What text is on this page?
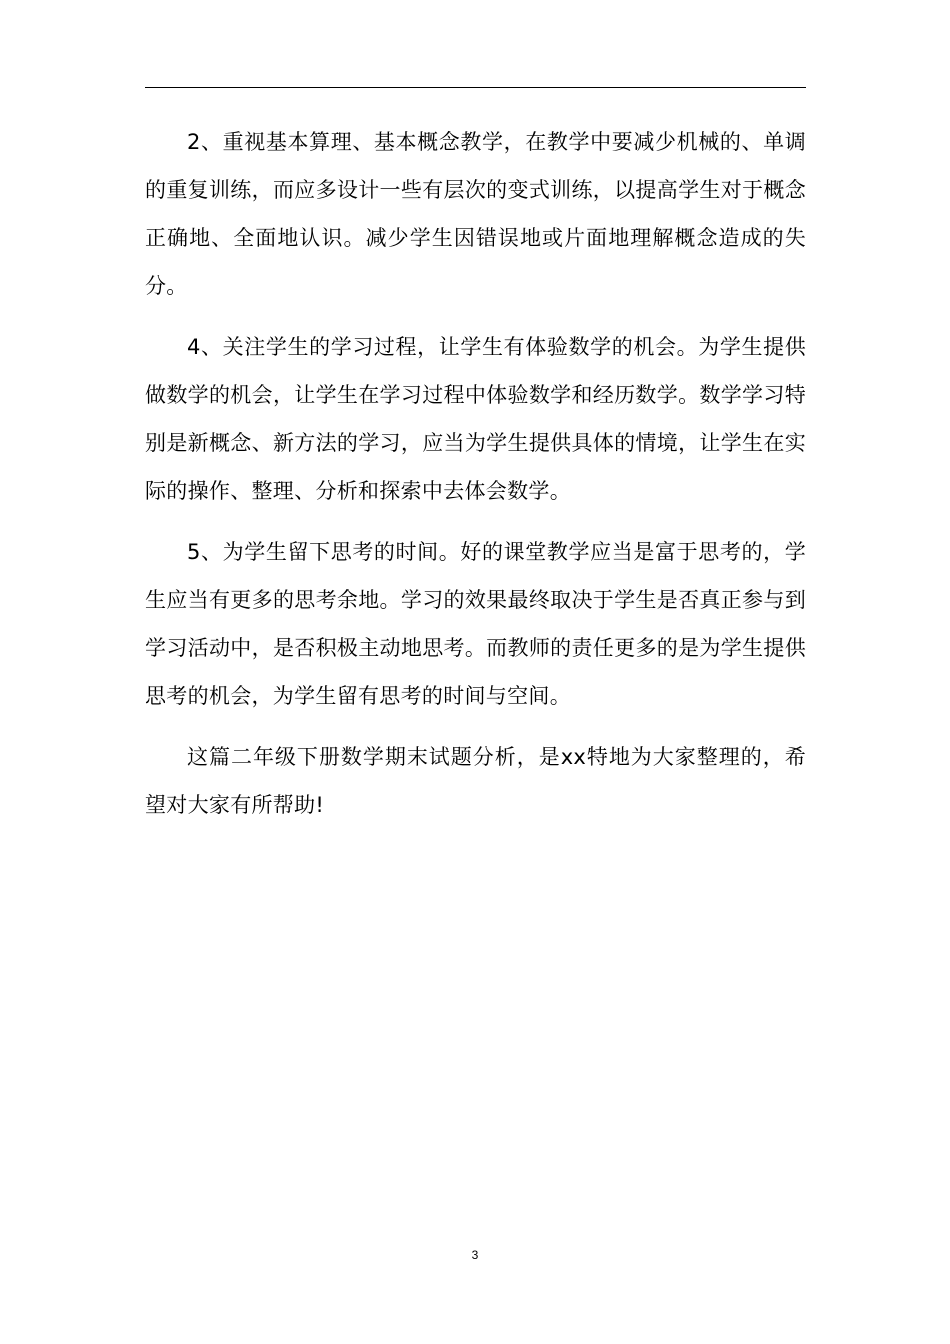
2、重视基本算理、基本概念教学，在教学中要减少机械的、单调的重复训练，而应多设计一些有层次的变式训练，以提高学生对于概念正确地、全面地认识。减少学生因错误地或片面地理解概念造成的失分。

4、关注学生的学习过程，让学生有体验数学的机会。为学生提供做数学的机会，让学生在学习过程中体验数学和经历数学。数学学习特别是新概念、新方法的学习，应当为学生提供具体的情境，让学生在实际的操作、整理、分析和探索中去体会数学。

5、为学生留下思考的时间。好的课堂教学应当是富于思考的，学生应当有更多的思考余地。学习的效果最终取决于学生是否真正参与到学习活动中，是否积极主动地思考。而教师的责任更多的是为学生提供思考的机会，为学生留有思考的时间与空间。

这篇二年级下册数学期末试题分析，是xx特地为大家整理的，希望对大家有所帮助!

3
